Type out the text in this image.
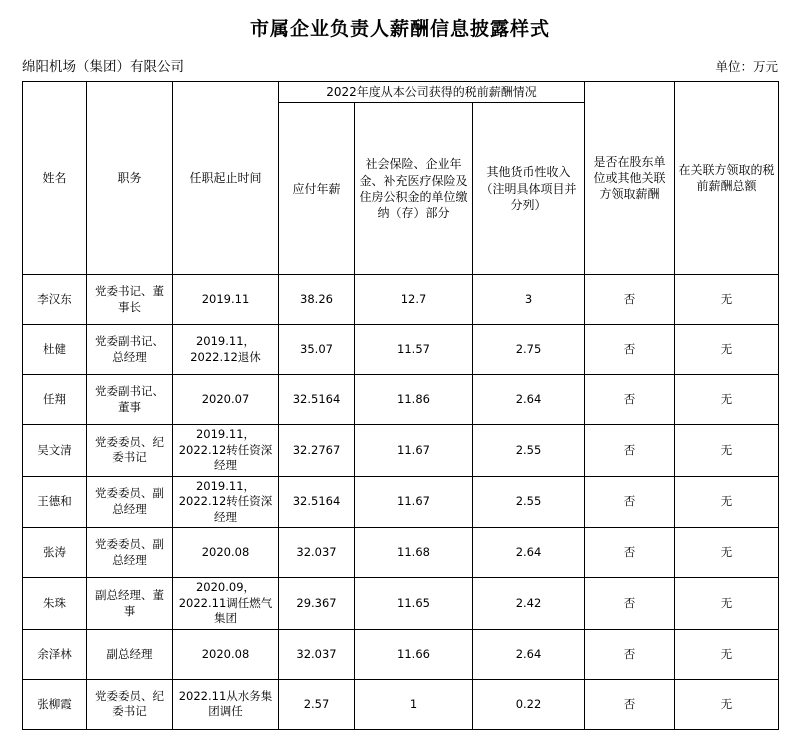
市属企业负责人薪酬信息披露样式
绵阳机场（集团）有限公司	单位：万元
姓名	职务	任职起止时间	2022年度从本公司获得的税前薪酬情况			是否在股东单位或其他关联方领取薪酬	在关联方领取的税前薪酬总额
			应付年薪	社会保险、企业年金、补充医疗保险及住房公积金的单位缴纳（存）部分	其他货币性收入（注明具体项目并分列）		
李汉东	党委书记、董事长	2019.11	38.26	12.7	3	否	无
杜健	党委副书记、总经理	2019.11，2022.12退休	35.07	11.57	2.75	否	无
任翔	党委副书记、董事	2020.07	32.5164	11.86	2.64	否	无
吴文清	党委委员、纪委书记	2019.11，2022.12转任资深经理	32.2767	11.67	2.55	否	无
王德和	党委委员、副总经理	2019.11，2022.12转任资深经理	32.5164	11.67	2.55	否	无
张涛	党委委员、副总经理	2020.08	32.037	11.68	2.64	否	无
朱珠	副总经理、董事	2020.09，2022.11调任燃气集团	29.367	11.65	2.42	否	无
余泽林	副总经理	2020.08	32.037	11.66	2.64	否	无
张柳霞	党委委员、纪委书记	2022.11从水务集团调任	2.57	1	0.22	否	无
